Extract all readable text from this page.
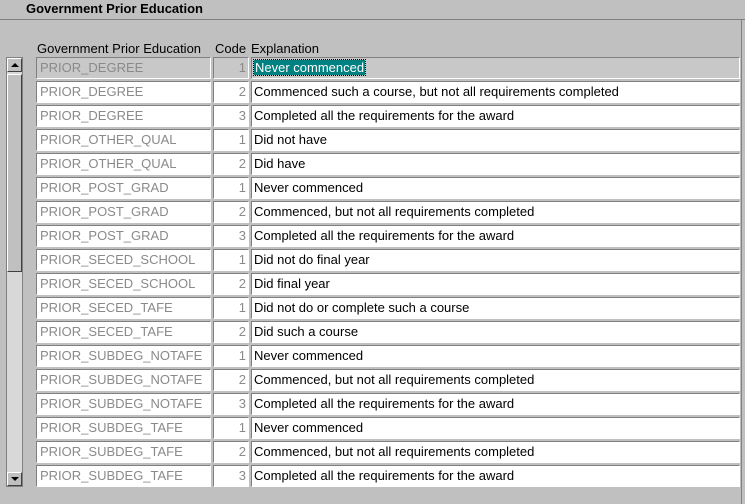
Government Prior Education
Government Prior Education Code Explanation
PRIOR_DEGREE	1 Never commenced
PRIOR_DEGREE	2 Commenced such a course, but not all requirements completed
PRIOR_DEGREE	3 Completed all the requirements for the award
PRIOR_OTHER_QUAL	1 Did not have
PRIOR_OTHER_QUAL	2 Did have
PRIOR_POST_GRAD	1 Never commenced
PRIOR_POST_GRAD	2 Commenced, but not all requirements completed
PRIOR_POST_GRAD	3 Completed all the requirements for the award
PRIOR_SECED_SCHOOL	1 Did not do final year
PRIOR_SECED_SCHOOL	2 Did final year
PRIOR_SECED_TAFE	1 Did not do or complete such a course
PRIOR_SECED_TAFE	2 Did such a course
PRIOR_SUBDEG_NOTAFE	1 Never commenced
PRIOR_SUBDEG_NOTAFE	2 Commenced, but not all requirements completed
PRIOR_SUBDEG_NOTAFE	3 Completed all the requirements for the award
PRIOR_SUBDEG_TAFE	1 Never commenced
PRIOR_SUBDEG_TAFE	2 Commenced, but not all requirements completed
PRIOR_SUBDEG_TAFE	3 Completed all the requirements for the award
